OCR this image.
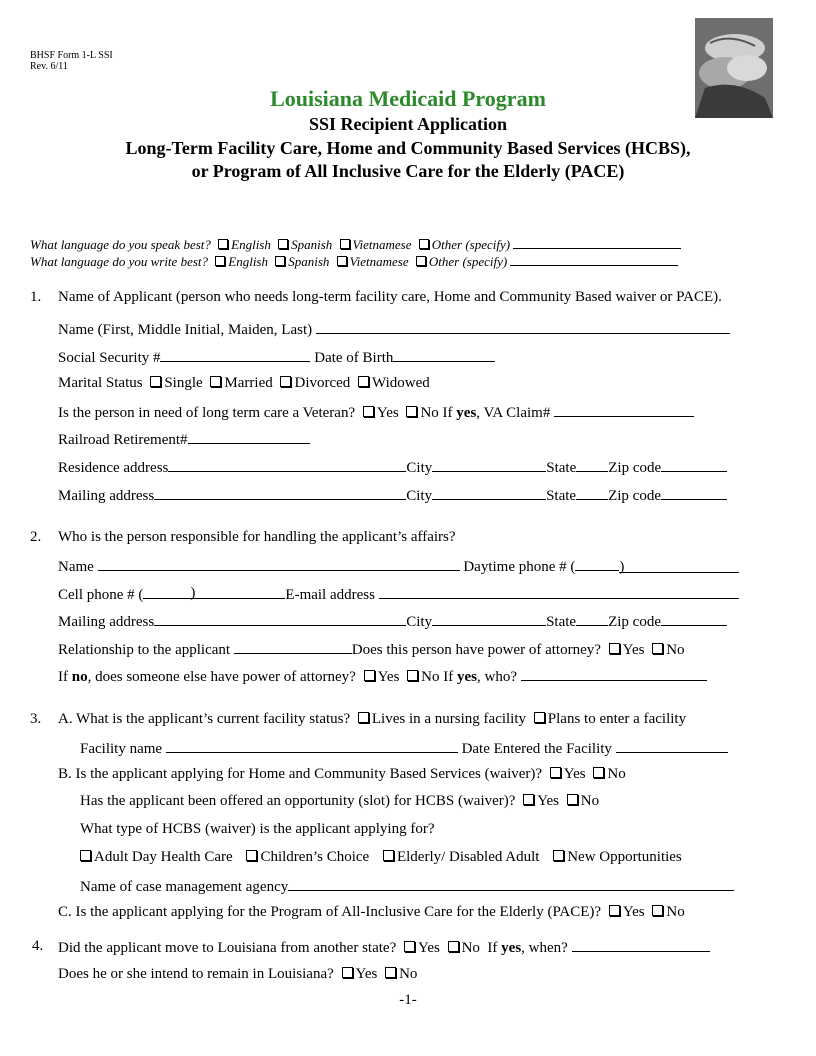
BHSF Form 1-L SSI
Rev. 6/11
Louisiana Medicaid Program
SSI Recipient Application
Long-Term Facility Care, Home and Community Based Services (HCBS),
or Program of All Inclusive Care for the Elderly (PACE)
What language do you speak best? English Spanish Vietnamese Other (specify)
What language do you write best? English Spanish Vietnamese Other (specify)
1. Name of Applicant (person who needs long-term facility care, Home and Community Based waiver or PACE).
Name (First, Middle Initial, Maiden, Last)
Social Security #	Date of Birth
Marital Status Single Married Divorced Widowed
Is the person in need of long term care a Veteran? Yes No If yes, VA Claim#
Railroad Retirement#
Residence address	City	State Zip code
Mailing address	City	State Zip code
2. Who is the person responsible for handling the applicant’s affairs?
Name	Daytime phone # (	)
Cell phone # (	)	E-mail address
Mailing address	City	State Zip code
Relationship to the applicant	Does this person have power of attorney? Yes No
If no, does someone else have power of attorney? Yes No If yes, who?
3. A. What is the applicant’s current facility status? Lives in a nursing facility Plans to enter a facility
Facility name	Date Entered the Facility
B. Is the applicant applying for Home and Community Based Services (waiver)? Yes No
Has the applicant been offered an opportunity (slot) for HCBS (waiver)? Yes No
What type of HCBS (waiver) is the applicant applying for?
Adult Day Health Care Children’s Choice Elderly/ Disabled Adult New Opportunities
Name of case management agency
C. Is the applicant applying for the Program of All-Inclusive Care for the Elderly (PACE)? Yes No
4. Did the applicant move to Louisiana from another state? Yes No If yes, when?
Does he or she intend to remain in Louisiana? Yes No
-1-
